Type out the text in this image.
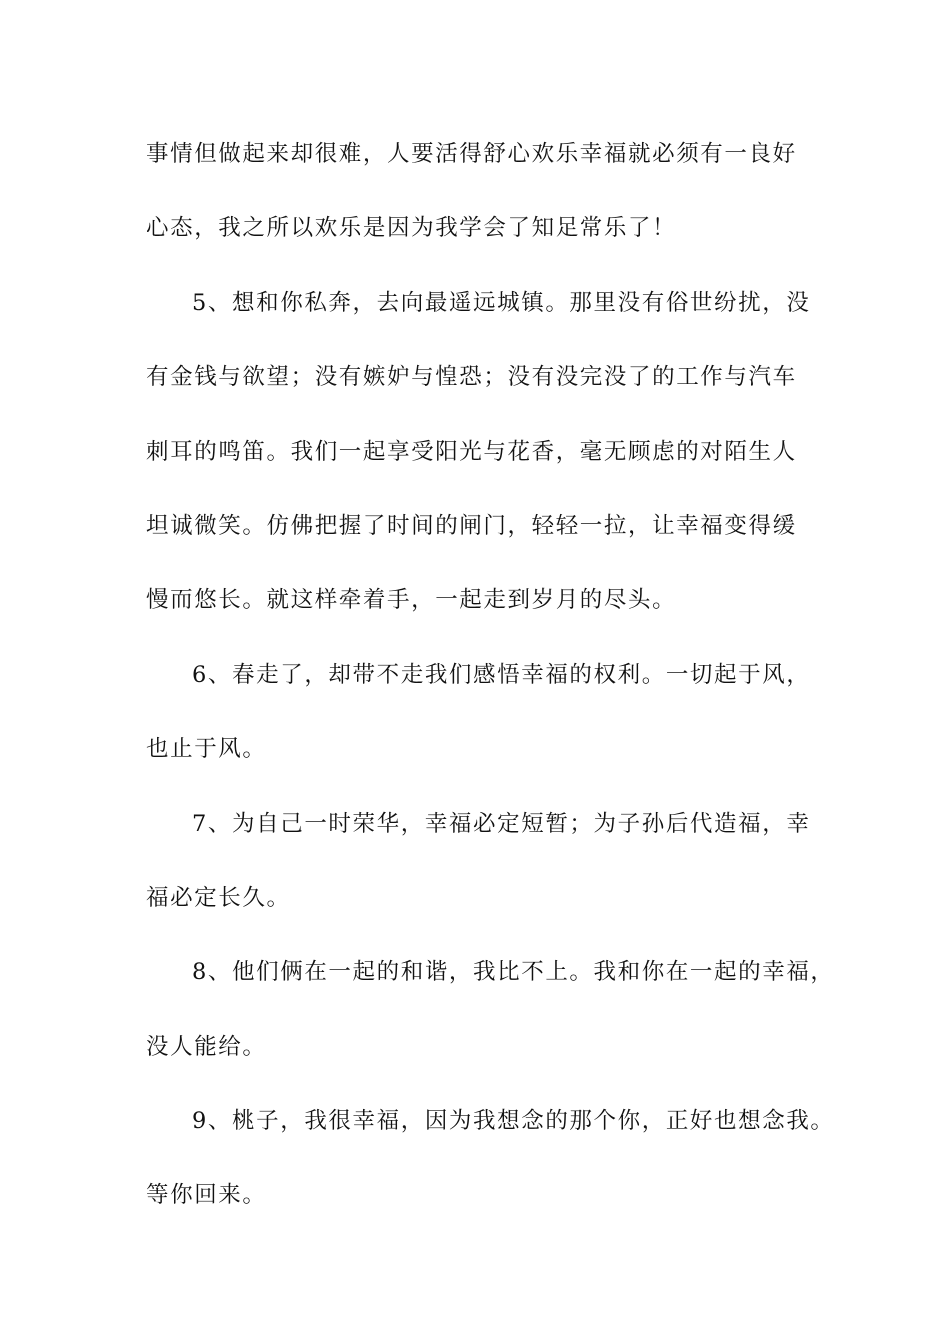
事情但做起来却很难，人要活得舒心欢乐幸福就必须有一良好
心态，我之所以欢乐是因为我学会了知足常乐了！
5、想和你私奔，去向最遥远城镇。那里没有俗世纷扰，没
有金钱与欲望；没有嫉妒与惶恐；没有没完没了的工作与汽车
刺耳的鸣笛。我们一起享受阳光与花香，毫无顾虑的对陌生人
坦诚微笑。仿佛把握了时间的闸门，轻轻一拉，让幸福变得缓
慢而悠长。就这样牵着手，一起走到岁月的尽头。
6、春走了，却带不走我们感悟幸福的权利。一切起于风，
也止于风。
7、为自己一时荣华，幸福必定短暂；为子孙后代造福，幸
福必定长久。
8、他们俩在一起的和谐，我比不上。我和你在一起的幸福，
没人能给。
9、桃子，我很幸福，因为我想念的那个你，正好也想念我。
等你回来。
